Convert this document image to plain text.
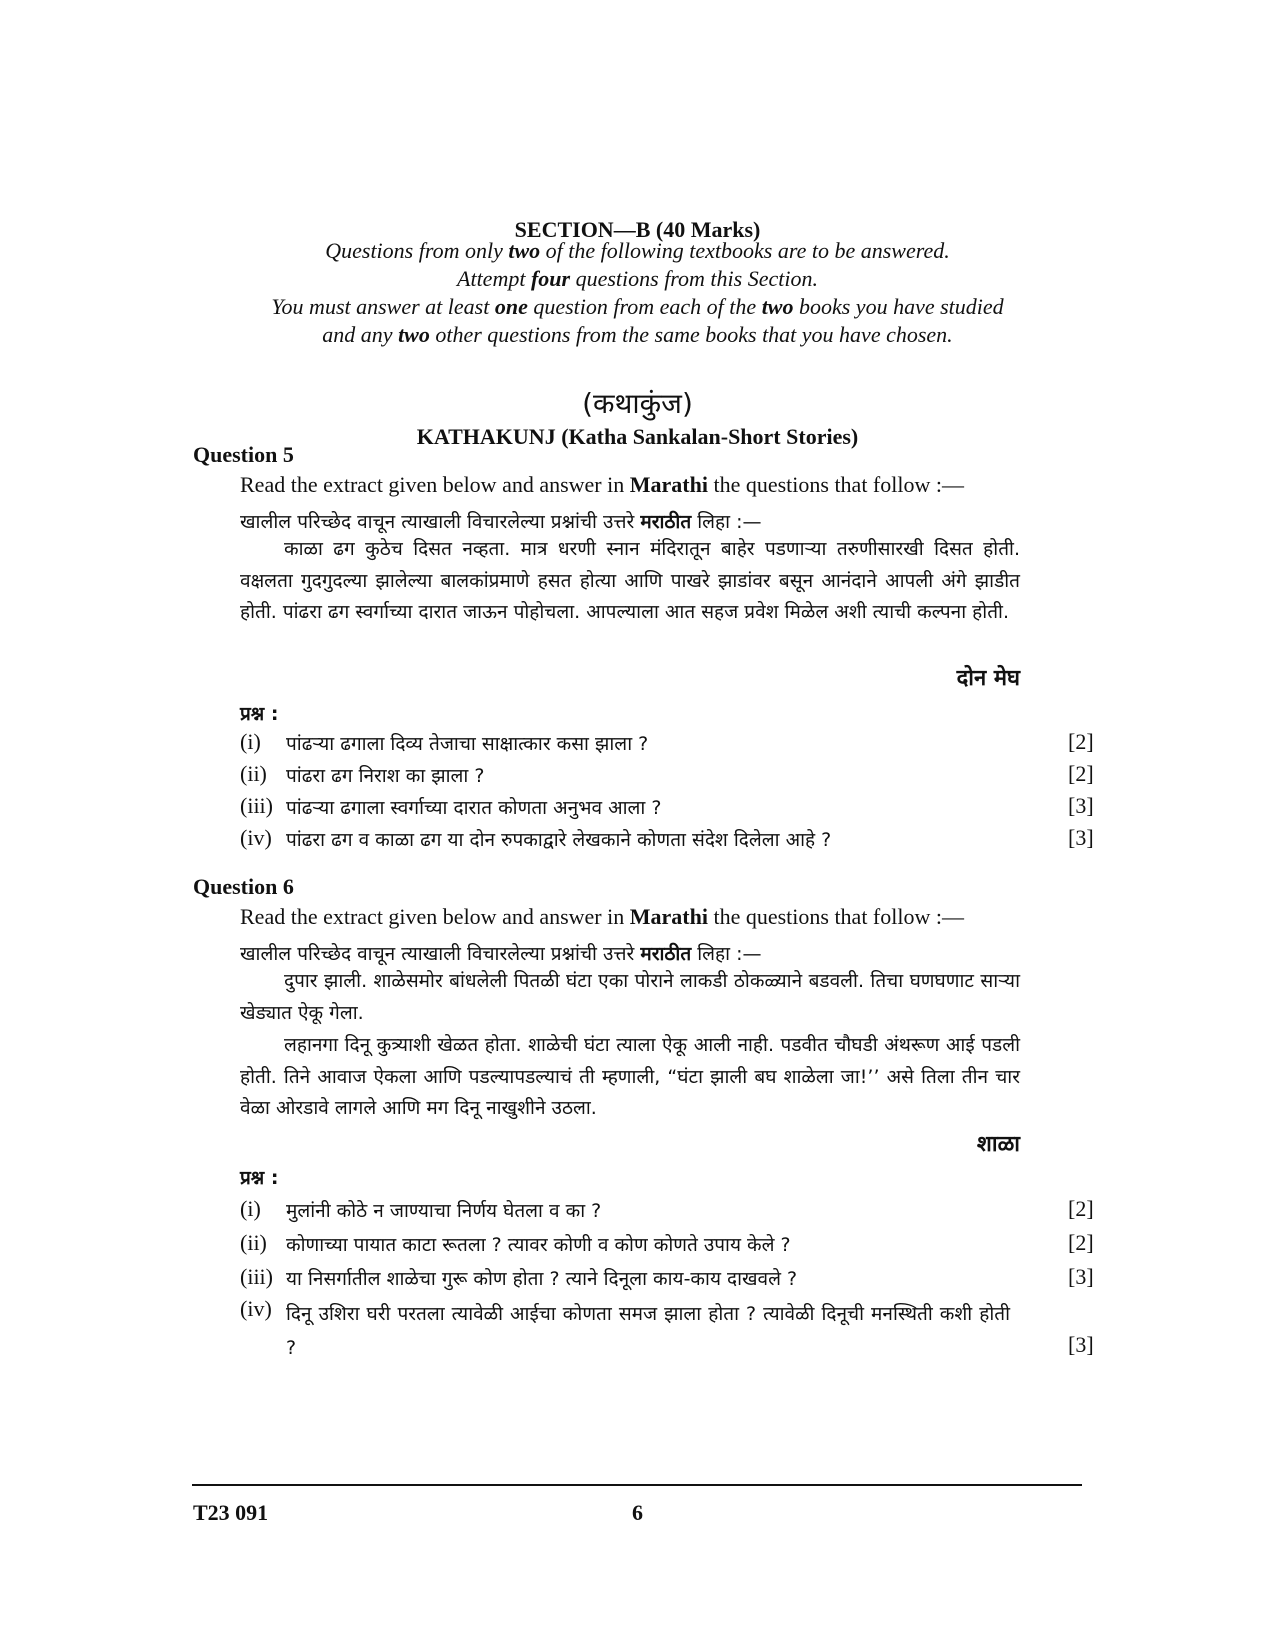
SECTION—B (40 Marks)
Questions from only two of the following textbooks are to be answered.
Attempt four questions from this Section.
You must answer at least one question from each of the two books you have studied
and any two other questions from the same books that you have chosen.
(कथाकुंज)
KATHAKUNJ (Katha Sankalan-Short Stories)
Question 5
Read the extract given below and answer in Marathi the questions that follow :—
खालील परिच्छेद वाचून त्याखाली विचारलेल्या प्रश्नांची उत्तरे मराठीत लिहा :—
काळा ढग कुठेच दिसत नव्हता. मात्र धरणी स्नान मंदिरातून बाहेर पडणाऱ्या तरुणीसारखी दिसत होती. वक्षलता गुदगुदल्या झालेल्या बालकांप्रमाणे हसत होत्या आणि पाखरे झाडांवर बसून आनंदाने आपली अंगे झाडीत होती. पांढरा ढग स्वर्गाच्या दारात जाऊन पोहोचला. आपल्याला आत सहज प्रवेश मिळेल अशी त्याची कल्पना होती.
दोन मेघ
प्रश्न :
(i) पांढऱ्या ढगाला दिव्य तेजाचा साक्षात्कार कसा झाला ?	[2]
(ii) पांढरा ढग निराश का झाला ?	[2]
(iii) पांढऱ्या ढगाला स्वर्गाच्या दारात कोणता अनुभव आला ?	[3]
(iv) पांढरा ढग व काळा ढग या दोन रुपकाद्वारे लेखकाने कोणता संदेश दिलेला आहे ?	[3]
Question 6
Read the extract given below and answer in Marathi the questions that follow :—
खालील परिच्छेद वाचून त्याखाली विचारलेल्या प्रश्नांची उत्तरे मराठीत लिहा :—
दुपार झाली. शाळेसमोर बांधलेली पितळी घंटा एका पोराने लाकडी ठोकळ्याने बडवली. तिचा घणघणाट साऱ्या खेड्यात ऐकू गेला.
लहानगा दिनू कुत्र्याशी खेळत होता. शाळेची घंटा त्याला ऐकू आली नाही. पडवीत चौघडी अंथरूण आई पडली होती. तिने आवाज ऐकला आणि पडल्यापडल्याचं ती म्हणाली, “घंटा झाली बघ शाळेला जा!’’ असे तिला तीन चार वेळा ओरडावे लागले आणि मग दिनू नाखुशीने उठला.
शाळा
प्रश्न :
(i) मुलांनी कोठे न जाण्याचा निर्णय घेतला व का ?	[2]
(ii) कोणाच्या पायात काटा रूतला ? त्यावर कोणी व कोण कोणते उपाय केले ?	[2]
(iii) या निसर्गातील शाळेचा गुरू कोण होता ? त्याने दिनूला काय-काय दाखवले ?	[3]
(iv) दिनू उशिरा घरी परतला त्यावेळी आईचा कोणता समज झाला होता ? त्यावेळी दिनूची मनस्थिती कशी होती ?	[3]
T23 091	6
